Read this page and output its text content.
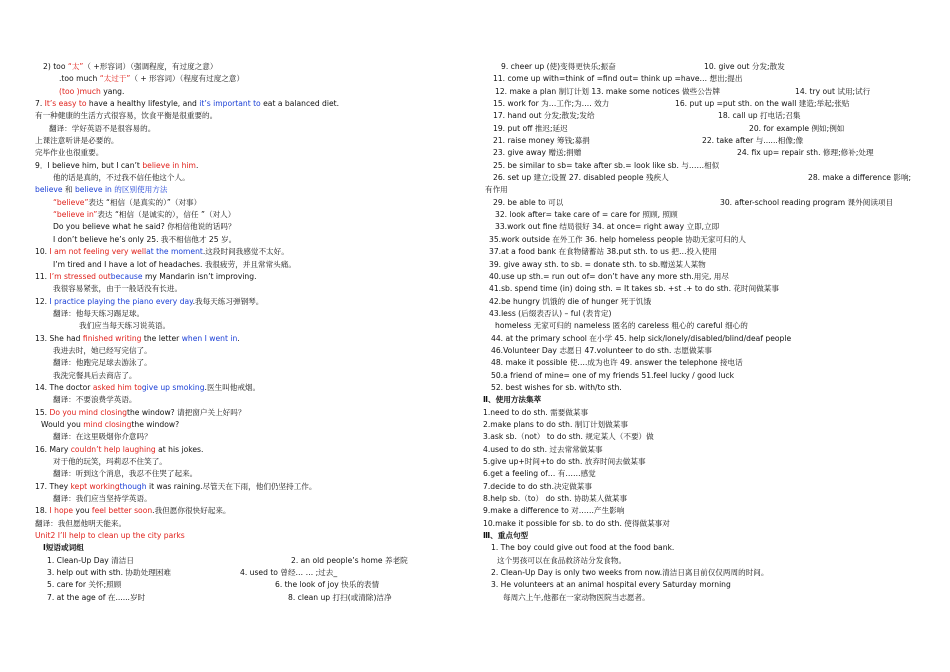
2) too “太”（ +形容词）（强调程度，有过度之意）
.too much “太过于”（ + 形容词）（程度有过度之意）
(too )much yang.
7. It’s easy to have a healthy lifestyle, and it’s important to eat a balanced diet.
有一种健康的生活方式很容易，饮食平衡是很重要的。
翻译：学好英语不是很容易的。
上课注意听讲是必要的。
完毕作业也很重要。
9．I believe him, but I can’t believe in him.
他的话是真的，不过我不信任他这个人。
believe 和 believe in 的区别使用方法
“believe”表达 “相信（是真实的）”（对事）
“believe in”表达 “相信（是诚实的），信任 ”（对人）
Do you believe what he said? 你相信他说的话吗？
I don’t believe he’s only 25. 我不相信他才 25 岁。
10. I am not feeling very wellat the moment.这段时间我感觉不太好。
I’m tired and I have a lot of headaches. 我很疲劳，并且常常头痛。
11. I’m stressed outbecause my Mandarin isn’t improving.
我很容易紧张，由于一般话没有长进。
12. I practice playing the piano every day.我每天练习弹钢琴。
翻译：他每天练习踢足球。
我们应当每天练习说英语。
13. She had finished writing the letter when I went in.
我进去时，她已经写完信了。
翻译：他跑完足球去游泳了。
我洗完餐具后去商店了。
14. The doctor asked him togive up smoking.医生叫他戒烟。
翻译：不要浪费学英语。
15. Do you mind closingthe window? 请把窗户关上好吗？
Would you mind closingthe window?
翻译：在这里吸烟你介意吗？
16. Mary couldn’t help laughing at his jokes.
对于他的玩笑，玛莉忍不住笑了。
翻译：听到这个消息，我忍不住哭了起来。
17. They kept workingthough it was raining.尽管天在下雨，他们仍坚持工作。
翻译：我们应当坚持学英语。
18. I hope you feel better soon.我但愿你很快好起来。
翻译：我但愿他明天能来。
Unit2 I’ll help to clean up the city parks
Ⅰ短语或词组
1. Clean-Up Day 清洁日	2. an old people’s home 养老院
3. help out with sth. 协助处理困难	4. used to 曾经… … ;过去_
5. care for 关怀;照顾	6. the look of joy 快乐的表情
7. at the age of 在......岁时	8. clean up 打扫(或清除)洁净
9. cheer up (使)变得更快乐;振奋	10. give out 分发;散发
11. come up with=think of =find out= think up =have… 想出;提出
12. make a plan 制订计划 13. make some notices 做些公告牌	14. try out 试用;试行
15. work for 为…工作;为…. 效力	16. put up =put sth. on the wall 建造;举起;张贴
17. hand out 分发;散发;发给	18. call up 打电话;召集
19. put off 推迟;延迟	20. for example 例如;例如
21. raise money 筹钱;募捐	22. take after 与......相像;像
23. give away 赠送;捐赠	24. fix up= repair sth. 修理;修补;处理
25. be similar to sb= take after sb.= look like sb. 与……相似
26. set up 建立;设置 27. disabled people 残疾人	28. make a difference 影响;
有作用
29. be able to 可以	30. after-school reading program 课外阅读项目
32. look after= take care of = care for 照顾, 照顾
33.work out fine 结局很好 34. at once= right away 立即,立即
35.work outside 在外工作 36. help homeless people 协助无家可归的人
37.at a food bank 在食物储蓄站 38.put sth. to us 把…投入使用
39. give away sth. to sb. = donate sth. to sb.赠送某人某物
40.use up sth.= run out of= don’t have any more sth.用完, 用尽
41.sb. spend time (in) doing sth. = It takes sb. +st .+ to do sth. 花时间做某事
42.be hungry 饥饿的 die of hunger 死于饥饿
43.less (后缀表否认) – ful (表肯定)
homeless 无家可归的 nameless 匿名的 careless 粗心的 careful 细心的
44. at the primary school 在小学 45. help sick/lonely/disabled/blind/deaf people
46.Volunteer Day 志愿日 47.volunteer to do sth. 志愿做某事
48. make it possible 使….成为也许 49. answer the telephone 接电话
50.a friend of mine= one of my friends 51.feel lucky / good luck
52. best wishes for sb. with/to sth.
Ⅱ、使用方法集萃
1.need to do sth. 需要做某事
2.make plans to do sth. 制订计划做某事
3.ask sb.（not） to do sth. 规定某人（不要）做
4.used to do sth. 过去常常做某事
5.give up+时间+to do sth. 放弃时间去做某事
6.get a feeling of… 有……感觉
7.decide to do sth.决定做某事
8.help sb.（to） do sth. 协助某人做某事
9.make a difference to 对……产生影响
10.make it possible for sb. to do sth. 使得做某事对
Ⅲ、重点句型
1. The boy could give out food at the food bank.
这个男孩可以在食品救济站分发食物。
2. Clean-Up Day is only two weeks from now.清洁日离目前仅仅两周的时间。
3. He volunteers at an animal hospital every Saturday morning
每周六上午,他都在一家动物医院当志愿者。
